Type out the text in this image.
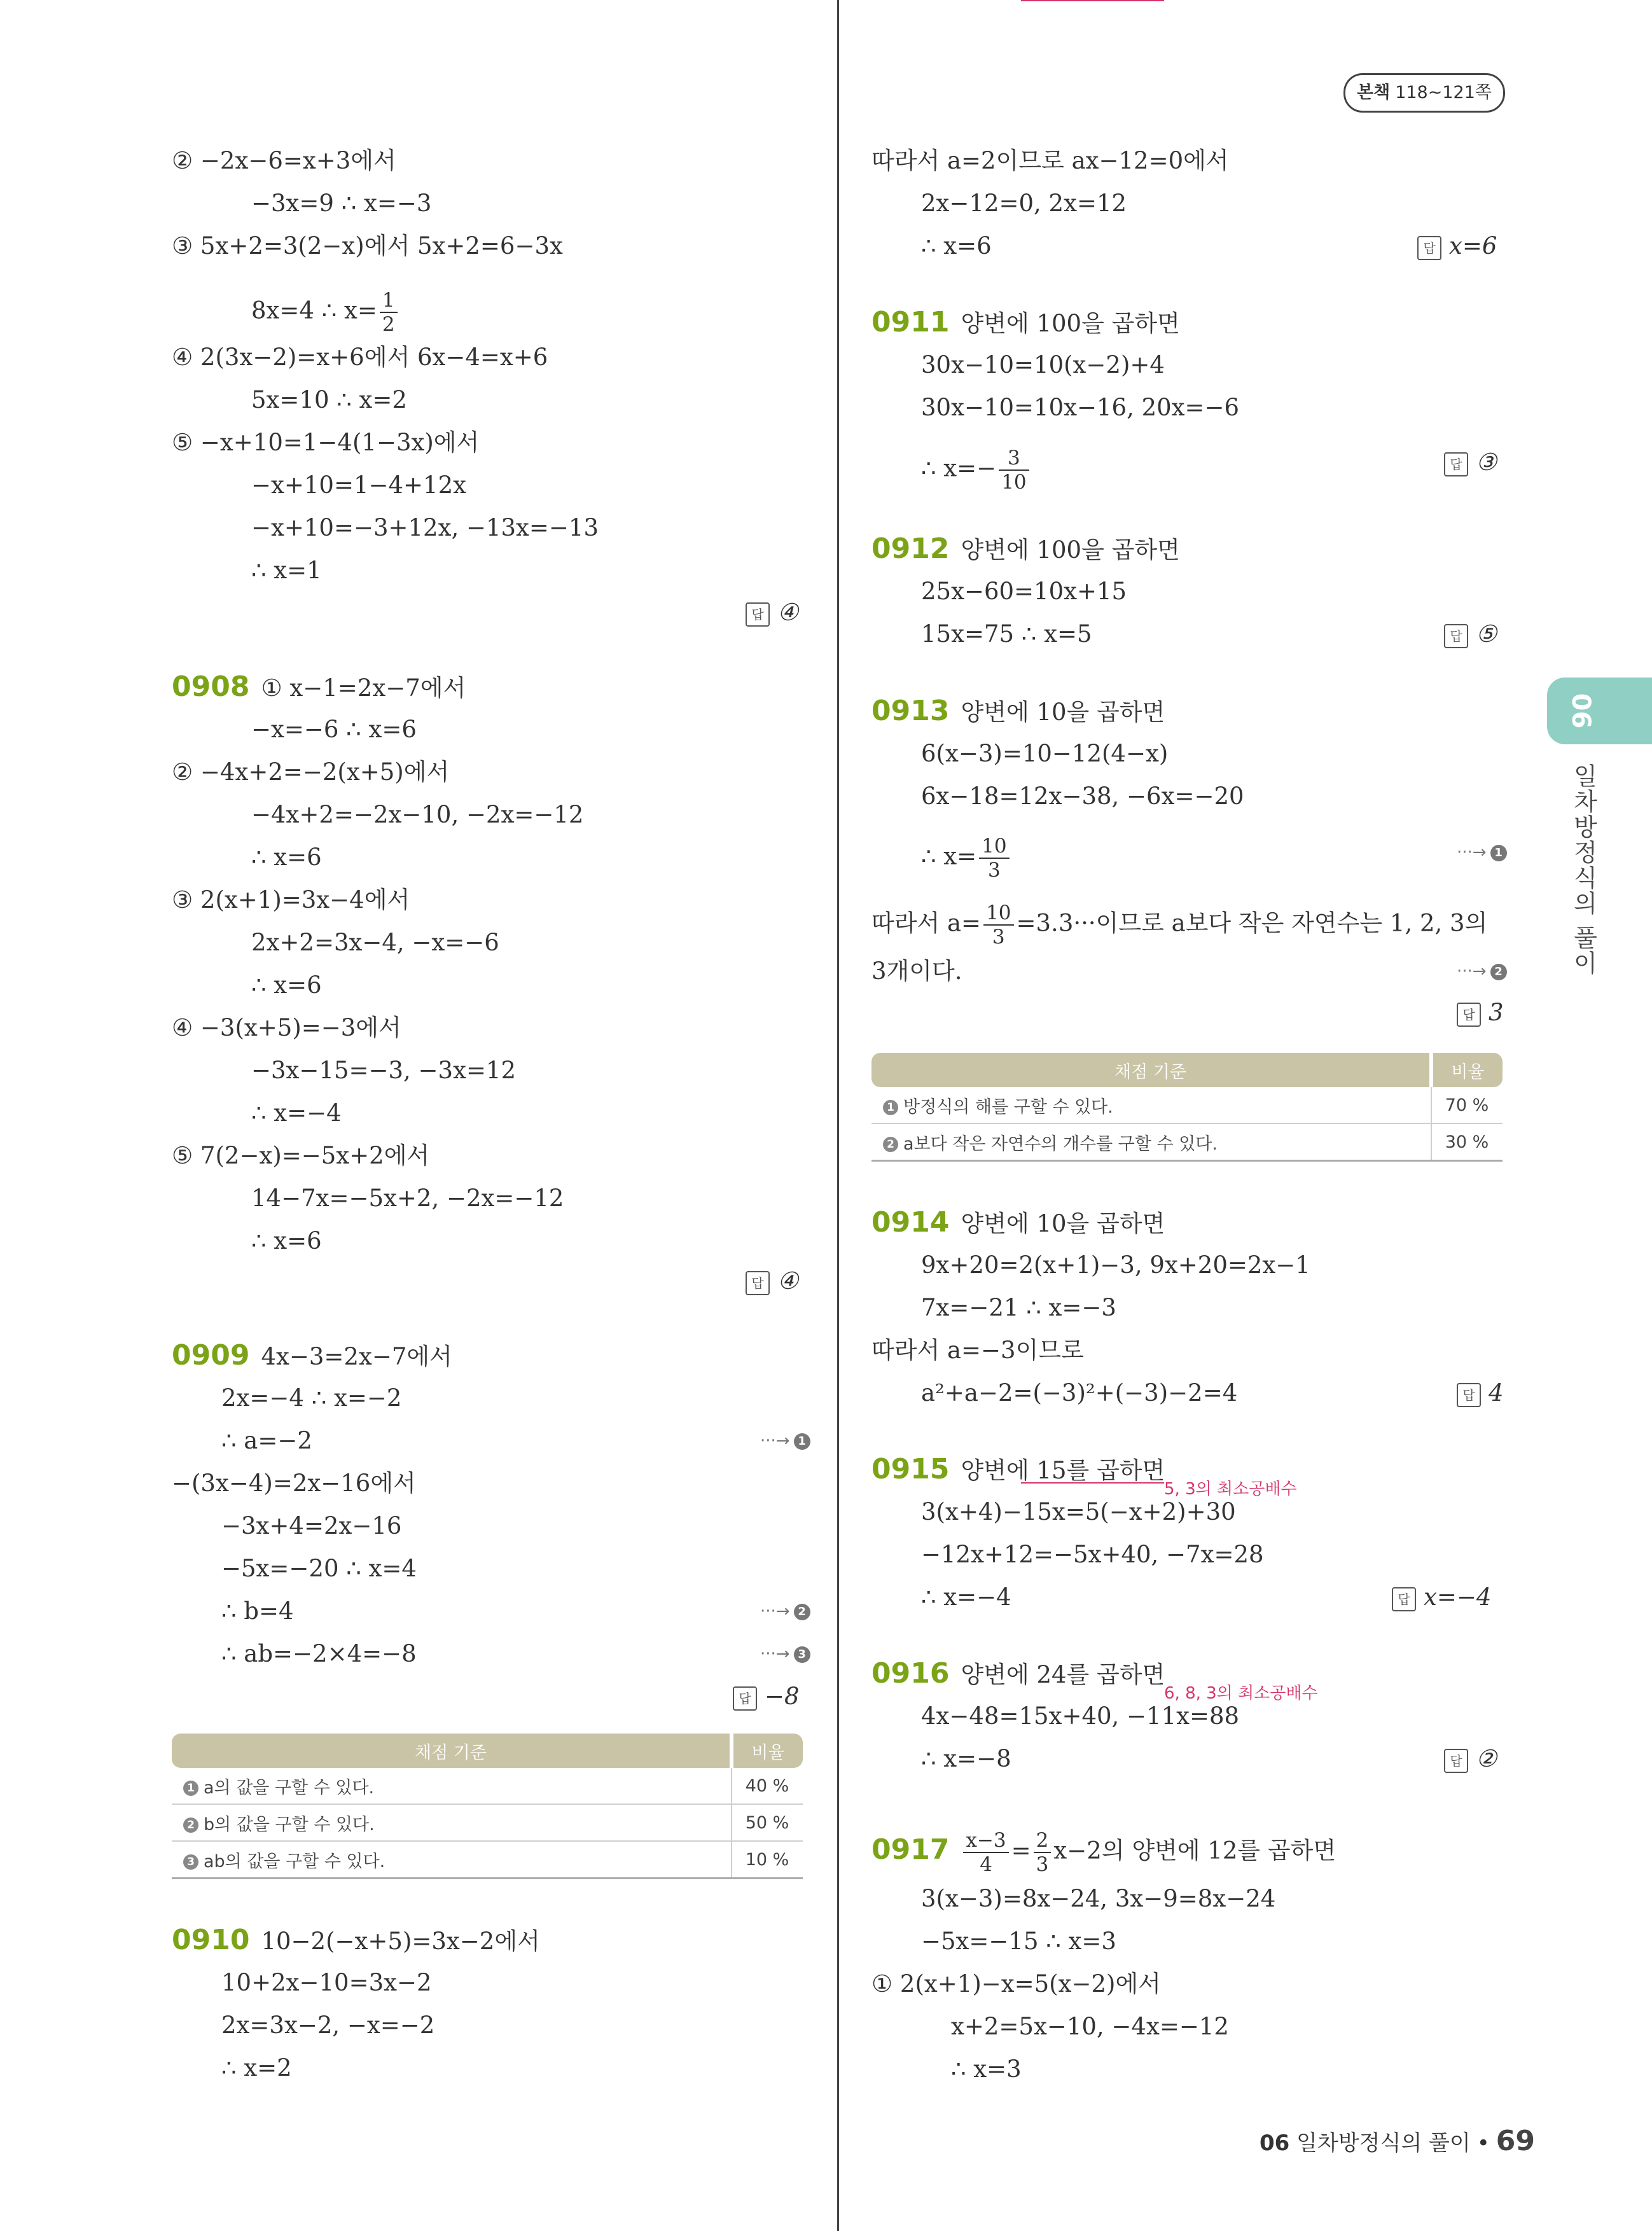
본책 118~121쪽
06
일차방정식의 풀이
② −2x−6=x+3에서
−3x=9 ∴ x=−3
③ 5x+2=3(2−x)에서 5x+2=6−3x
8x=4 ∴ $x= \frac{1}{2}$
④ 2(3x−2)=x+6에서 6x−4=x+6
5x=10 ∴ x=2
⑤ −x+10=1−4(1−3x)에서
−x+10=1−4+12x
−x+10=−3+12x, −13x=−13
∴ x=1
답 ④
0908 ① x−1=2x−7에서
−x=−6 ∴ x=6
② −4x+2=−2(x+5)에서
−4x+2=−2x−10, −2x=−12
∴ x=6
③ 2(x+1)=3x−4에서
2x+2=3x−4, −x=−6
∴ x=6
④ −3(x+5)=−3에서
−3x−15=−3, −3x=12
∴ x=−4
⑤ 7(2−x)=−5x+2에서
14−7x=−5x+2, −2x=−12
∴ x=6
답 ④
0909 4x−3=2x−7에서
2x=−4 ∴ x=−2
∴ a=−2	···→ 1
−(3x−4)=2x−16에서
−3x+4=2x−16
−5x=−20 ∴ x=4
∴ b=4	···→ 2
∴ ab=−2×4=−8	···→ 3
답 −8
채점 기준	비율
1 a의 값을 구할 수 있다.	40 %
2 b의 값을 구할 수 있다.	50 %
3 ab의 값을 구할 수 있다.	10 %
0910 10−2(−x+5)=3x−2에서
10+2x−10=3x−2
2x=3x−2, −x=−2
∴ x=2
따라서 a=2이므로 ax−12=0에서
2x−12=0, 2x=12
∴ x=6	답 x=6
0911 양변에 100을 곱하면
30x−10=10(x−2)+4
30x−10=10x−16, 20x=−6
∴ $x=- \frac{3}{10}$	답 ③
0912 양변에 100을 곱하면
25x−60=10x+15
15x=75 ∴ x=5	답 ⑤
0913 양변에 10을 곱하면
6(x−3)=10−12(4−x)
6x−18=12x−38, −6x=−20
∴ $x= \frac{10}{3}$	···→ 1
따라서 $a= \frac{10}{3} =3.3\cdot\cdot\cdot$이므로 a보다 작은 자연수는 1, 2, 3의
3개이다.	···→ 2
답 3
채점 기준	비율
1 방정식의 해를 구할 수 있다.	70 %
2 a보다 작은 자연수의 개수를 구할 수 있다.	30 %
0914 양변에 10을 곱하면
9x+20=2(x+1)−3, 9x+20=2x−1
7x=−21 ∴ x=−3
따라서 a=−3이므로
a²+a−2=(−3)²+(−3)−2=4	답 4
0915 양변에 15를 곱하면
5, 3의 최소공배수
3(x+4)−15x=5(−x+2)+30
−12x+12=−5x+40, −7x=28
∴ x=−4	답 x=−4
0916 양변에 24를 곱하면
6, 8, 3의 최소공배수
4x−48=15x+40, −11x=88
∴ x=−8	답 ②
$0917 \frac{x-3}{4} = \frac{2}{3} x-2$의 양변에 12를 곱하면
3(x−3)=8x−24, 3x−9=8x−24
−5x=−15 ∴ x=3
① 2(x+1)−x=5(x−2)에서
x+2=5x−10, −4x=−12
∴ x=3
06 일차방정식의 풀이 • 69
